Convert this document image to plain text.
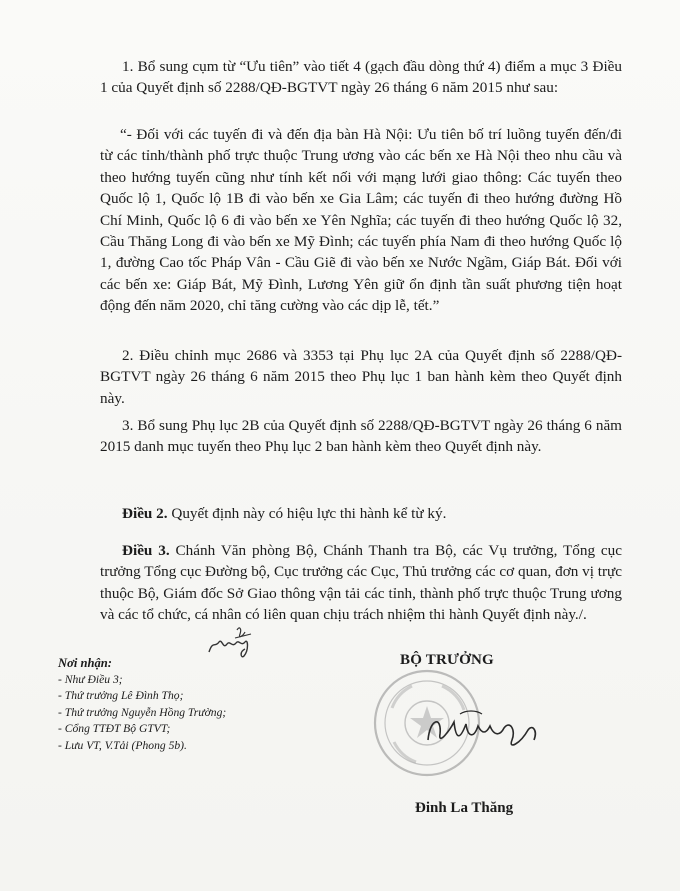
1. Bổ sung cụm từ “Ưu tiên” vào tiết 4 (gạch đầu dòng thứ 4) điểm a mục 3 Điều 1 của Quyết định số 2288/QĐ-BGTVT ngày 26 tháng 6 năm 2015 như sau:

“- Đối với các tuyến đi và đến địa bàn Hà Nội: Ưu tiên bố trí luồng tuyến đến/đi từ các tỉnh/thành phố trực thuộc Trung ương vào các bến xe Hà Nội theo nhu cầu và theo hướng tuyến cũng như tính kết nối với mạng lưới giao thông: Các tuyến theo Quốc lộ 1, Quốc lộ 1B đi vào bến xe Gia Lâm; các tuyến đi theo hướng đường Hồ Chí Minh, Quốc lộ 6 đi vào bến xe Yên Nghĩa; các tuyến đi theo hướng Quốc lộ 32, Cầu Thăng Long đi vào bến xe Mỹ Đình; các tuyến phía Nam đi theo hướng Quốc lộ 1, đường Cao tốc Pháp Vân - Cầu Giẽ đi vào bến xe Nước Ngầm, Giáp Bát. Đối với các bến xe: Giáp Bát, Mỹ Đình, Lương Yên giữ ổn định tần suất phương tiện hoạt động đến năm 2020, chỉ tăng cường vào các dịp lễ, tết.”

2. Điều chỉnh mục 2686 và 3353 tại Phụ lục 2A của Quyết định số 2288/QĐ-BGTVT ngày 26 tháng 6 năm 2015 theo Phụ lục 1 ban hành kèm theo Quyết định này.

3. Bổ sung Phụ lục 2B của Quyết định số 2288/QĐ-BGTVT ngày 26 tháng 6 năm 2015 danh mục tuyến theo Phụ lục 2 ban hành kèm theo Quyết định này.

Điều 2. Quyết định này có hiệu lực thi hành kể từ ký.

Điều 3. Chánh Văn phòng Bộ, Chánh Thanh tra Bộ, các Vụ trưởng, Tổng cục trưởng Tổng cục Đường bộ, Cục trưởng các Cục, Thủ trưởng các cơ quan, đơn vị trực thuộc Bộ, Giám đốc Sở Giao thông vận tải các tỉnh, thành phố trực thuộc Trung ương và các tổ chức, cá nhân có liên quan chịu trách nhiệm thi hành Quyết định này./.

Nơi nhận:
- Như Điều 3;
- Thứ trưởng Lê Đình Thọ;
- Thứ trưởng Nguyễn Hồng Trường;
- Cổng TTĐT Bộ GTVT;
- Lưu VT, V.Tải (Phong 5b).
BỘ TRƯỞNG
Đinh La Thăng
